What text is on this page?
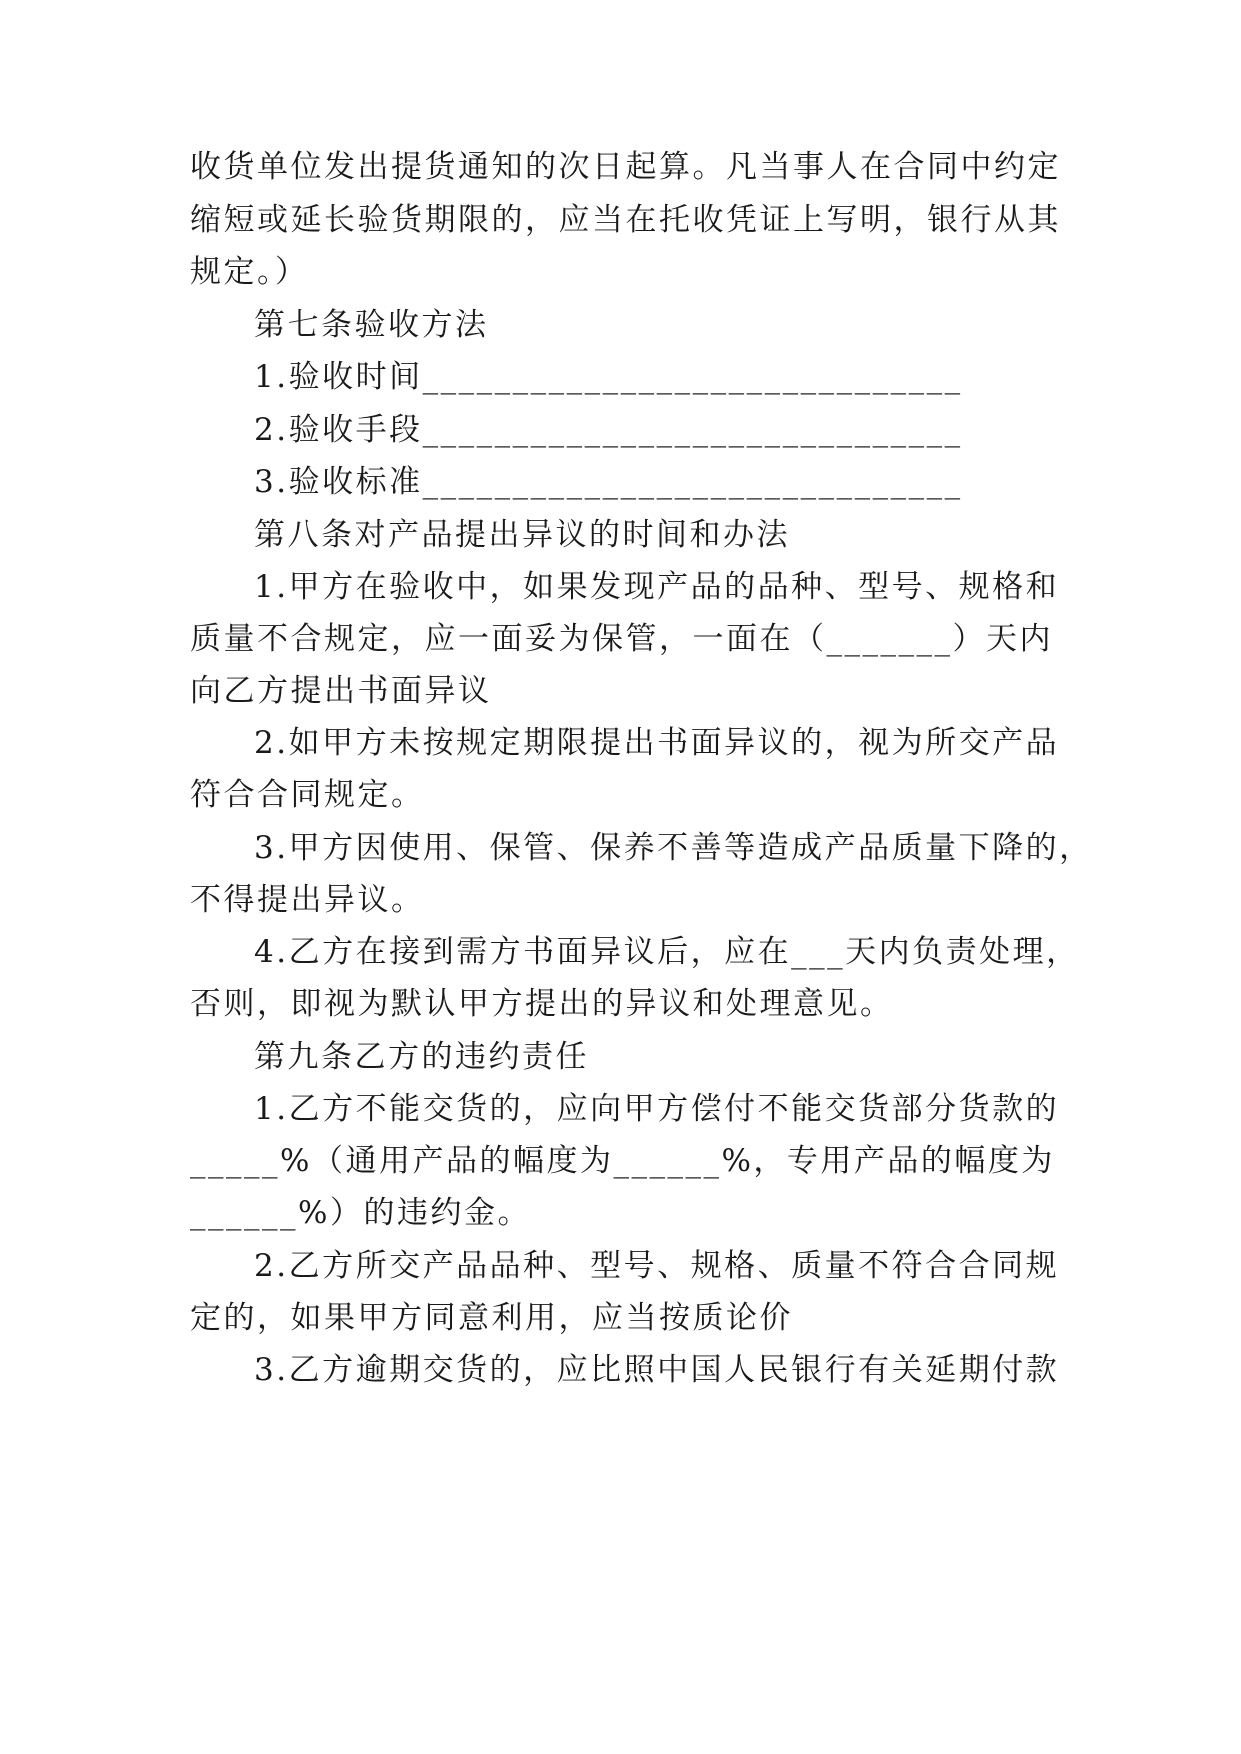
收货单位发出提货通知的次日起算。凡当事人在合同中约定
缩短或延长验货期限的，应当在托收凭证上写明，银行从其
规定。）
第七条验收方法
1.验收时间______________________________
2.验收手段______________________________
3.验收标准______________________________
第八条对产品提出异议的时间和办法
1.甲方在验收中，如果发现产品的品种、型号、规格和
质量不合规定，应一面妥为保管，一面在（_______）天内
向乙方提出书面异议
2.如甲方未按规定期限提出书面异议的，视为所交产品
符合合同规定。
3.甲方因使用、保管、保养不善等造成产品质量下降的，
不得提出异议。
4.乙方在接到需方书面异议后，应在___天内负责处理，
否则，即视为默认甲方提出的异议和处理意见。
第九条乙方的违约责任
1.乙方不能交货的，应向甲方偿付不能交货部分货款的
_____%（通用产品的幅度为______%，专用产品的幅度为
______%）的违约金。
2.乙方所交产品品种、型号、规格、质量不符合合同规
定的，如果甲方同意利用，应当按质论价
3.乙方逾期交货的，应比照中国人民银行有关延期付款
